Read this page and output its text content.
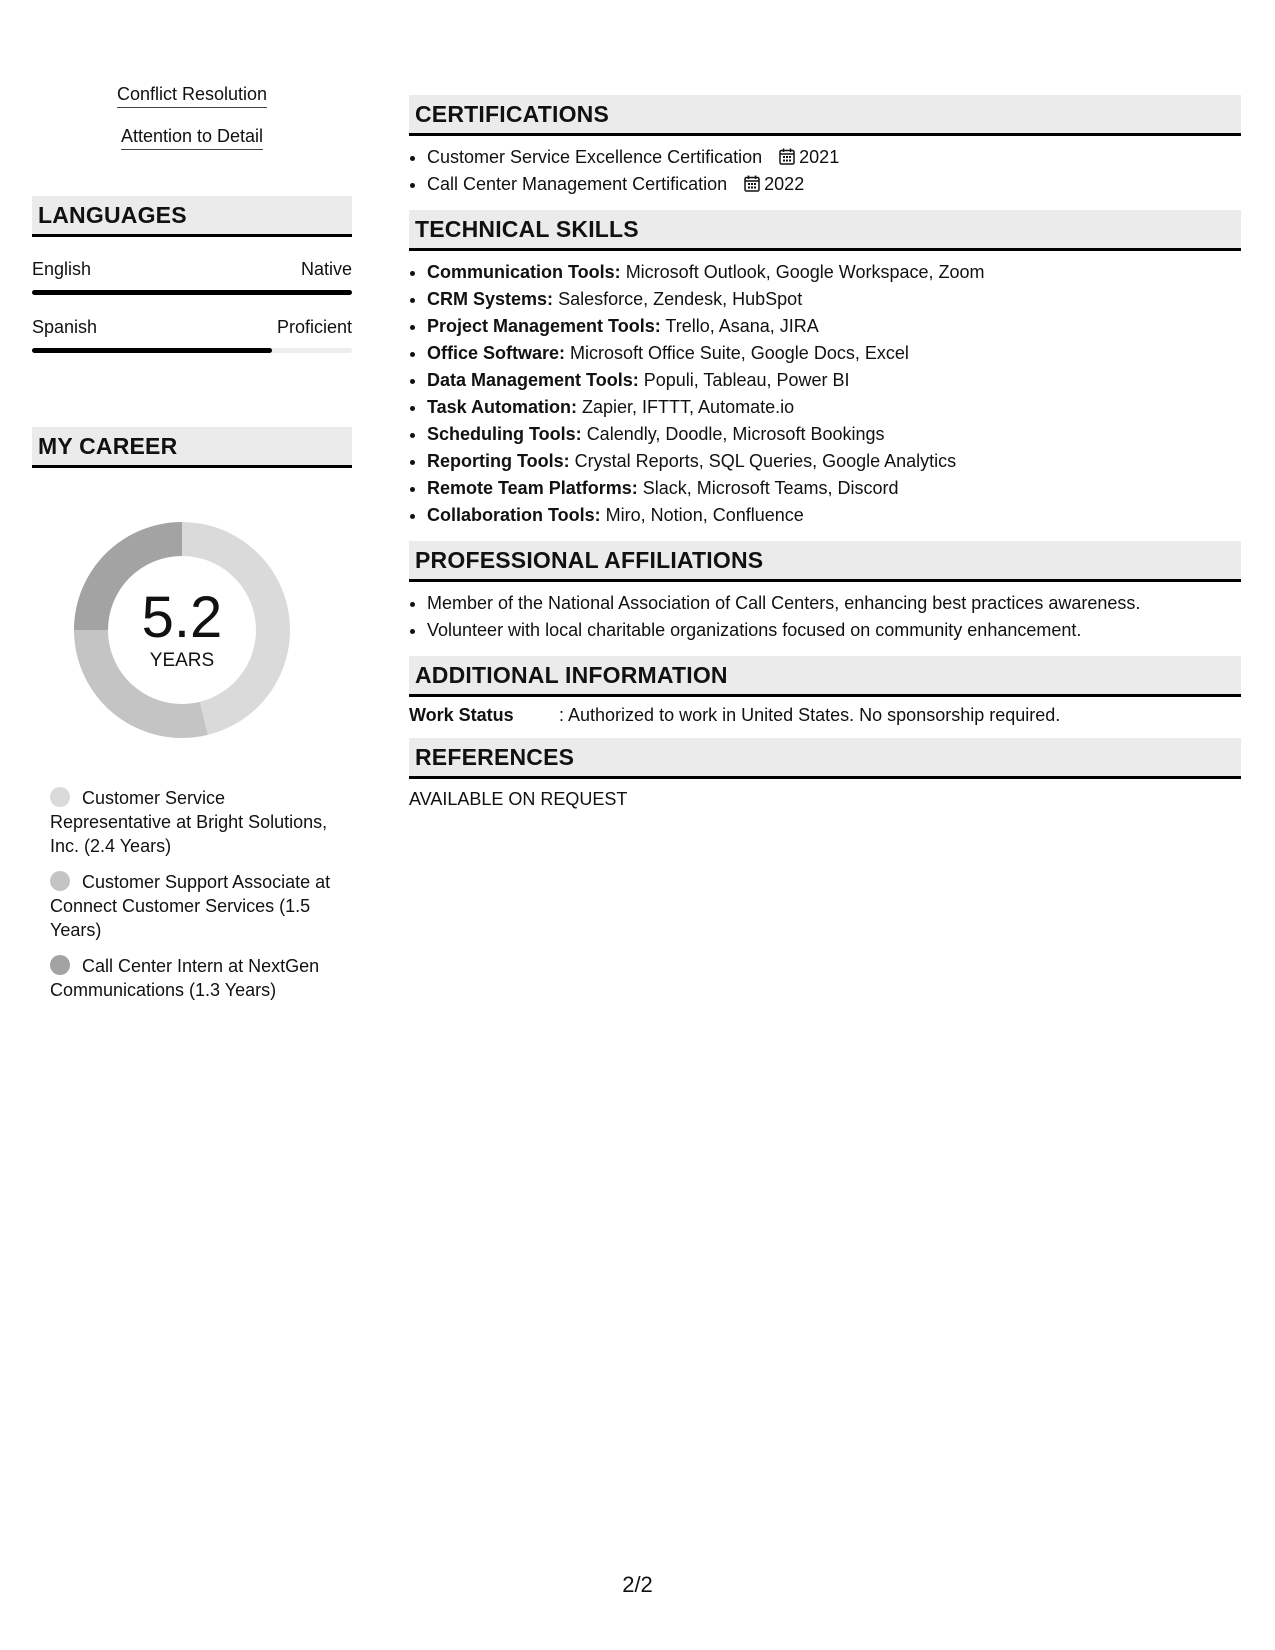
Conflict Resolution
Attention to Detail
LANGUAGES
English	Native
Spanish	Proficient
MY CAREER
5.2
YEARS
Customer Service Representative at Bright Solutions, Inc. (2.4 Years)
Customer Support Associate at Connect Customer Services (1.5 Years)
Call Center Intern at NextGen Communications (1.3 Years)
CERTIFICATIONS
• Customer Service Excellence Certification 2021
• Call Center Management Certification 2022
TECHNICAL SKILLS
• Communication Tools: Microsoft Outlook, Google Workspace, Zoom
• CRM Systems: Salesforce, Zendesk, HubSpot
• Project Management Tools: Trello, Asana, JIRA
• Office Software: Microsoft Office Suite, Google Docs, Excel
• Data Management Tools: Populi, Tableau, Power BI
• Task Automation: Zapier, IFTTT, Automate.io
• Scheduling Tools: Calendly, Doodle, Microsoft Bookings
• Reporting Tools: Crystal Reports, SQL Queries, Google Analytics
• Remote Team Platforms: Slack, Microsoft Teams, Discord
• Collaboration Tools: Miro, Notion, Confluence
PROFESSIONAL AFFILIATIONS
• Member of the National Association of Call Centers, enhancing best practices awareness.
• Volunteer with local charitable organizations focused on community enhancement.
ADDITIONAL INFORMATION
Work Status	: Authorized to work in United States. No sponsorship required.
REFERENCES
AVAILABLE ON REQUEST
2/2
